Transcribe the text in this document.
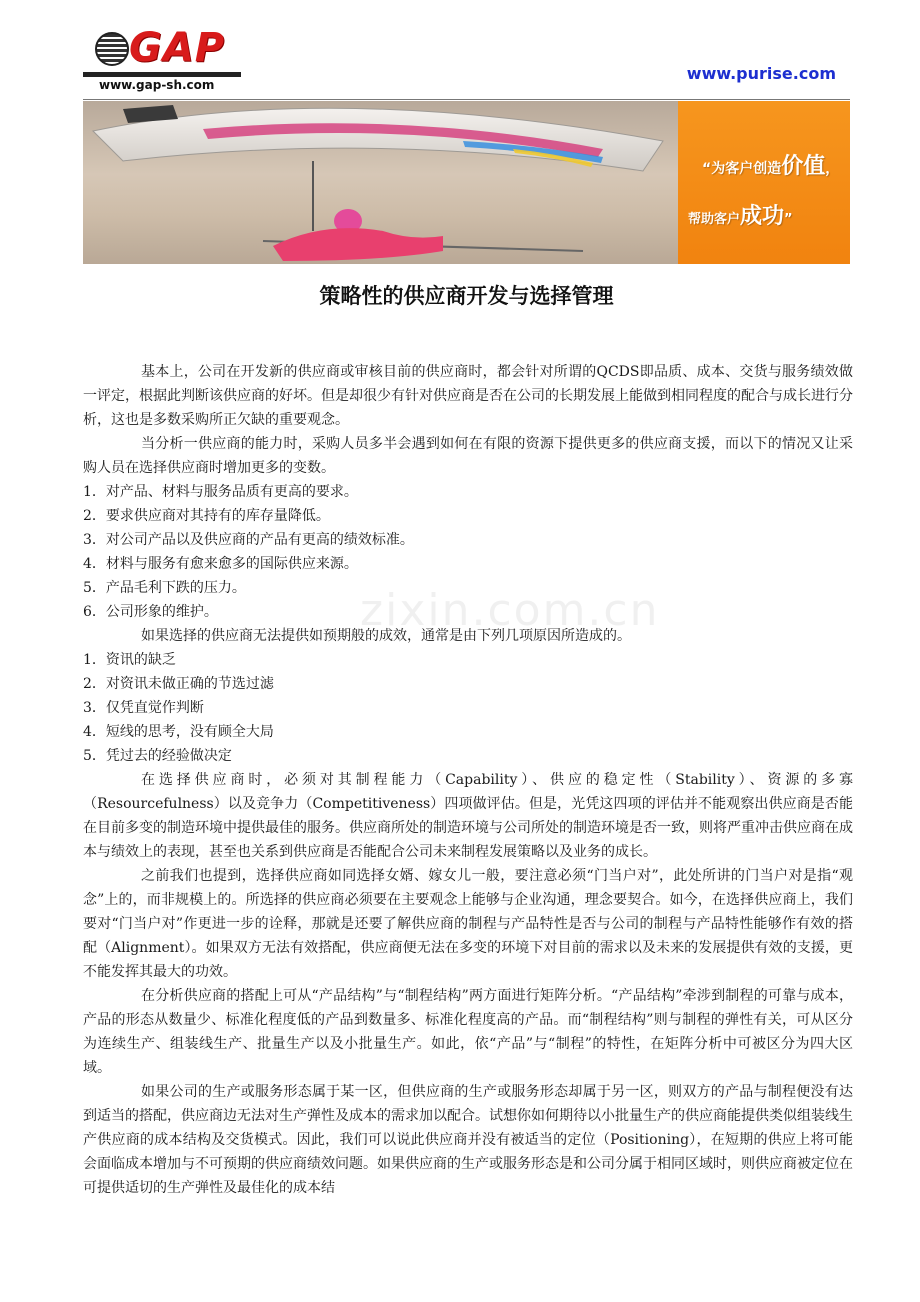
GAP
www.gap-sh.com
www.purise.com
“为客户创造价值，
帮助客户成功”
策略性的供应商开发与选择管理
zixin.com.cn

基本上，公司在开发新的供应商或审核目前的供应商时，都会针对所谓的QCDS即品质、成本、交货与服务绩效做一评定，根据此判断该供应商的好坏。但是却很少有针对供应商是否在公司的长期发展上能做到相同程度的配合与成长进行分析，这也是多数采购所正欠缺的重要观念。

当分析一供应商的能力时，采购人员多半会遇到如何在有限的资源下提供更多的供应商支援，而以下的情况又让采购人员在选择供应商时增加更多的变数。

1．对产品、材料与服务品质有更高的要求。

2．要求供应商对其持有的库存量降低。

3．对公司产品以及供应商的产品有更高的绩效标准。

4．材料与服务有愈来愈多的国际供应来源。

5．产品毛利下跌的压力。

6．公司形象的维护。

如果选择的供应商无法提供如预期般的成效，通常是由下列几项原因所造成的。

1．资讯的缺乏

2．对资讯未做正确的节选过滤

3．仅凭直觉作判断

4．短线的思考，没有顾全大局

5．凭过去的经验做决定

在选择供应商时，必须对其制程能力（Capability）、供应的稳定性（Stability）、资源的多寡（Resourcefulness）以及竞争力（Competitiveness）四项做评估。但是，光凭这四项的评估并不能观察出供应商是否能在目前多变的制造环境中提供最佳的服务。供应商所处的制造环境与公司所处的制造环境是否一致，则将严重冲击供应商在成本与绩效上的表现，甚至也关系到供应商是否能配合公司未来制程发展策略以及业务的成长。

之前我们也提到，选择供应商如同选择女婿、嫁女儿一般，要注意必须“门当户对”，此处所讲的门当户对是指“观念”上的，而非规模上的。所选择的供应商必须要在主要观念上能够与企业沟通，理念要契合。如今，在选择供应商上，我们要对“门当户对”作更进一步的诠释，那就是还要了解供应商的制程与产品特性是否与公司的制程与产品特性能够作有效的搭配（Alignment）。如果双方无法有效搭配，供应商便无法在多变的环境下对目前的需求以及未来的发展提供有效的支援，更不能发挥其最大的功效。

在分析供应商的搭配上可从“产品结构”与“制程结构”两方面进行矩阵分析。“产品结构”牵涉到制程的可靠与成本，产品的形态从数量少、标准化程度低的产品到数量多、标准化程度高的产品。而“制程结构”则与制程的弹性有关，可从区分为连续生产、组装线生产、批量生产以及小批量生产。如此，依“产品”与“制程”的特性，在矩阵分析中可被区分为四大区域。

如果公司的生产或服务形态属于某一区，但供应商的生产或服务形态却属于另一区，则双方的产品与制程便没有达到适当的搭配，供应商边无法对生产弹性及成本的需求加以配合。试想你如何期待以小批量生产的供应商能提供类似组装线生产供应商的成本结构及交货模式。因此，我们可以说此供应商并没有被适当的定位（Positioning），在短期的供应上将可能会面临成本增加与不可预期的供应商绩效问题。如果供应商的生产或服务形态是和公司分属于相同区域时，则供应商被定位在可提供适切的生产弹性及最佳化的成本结
